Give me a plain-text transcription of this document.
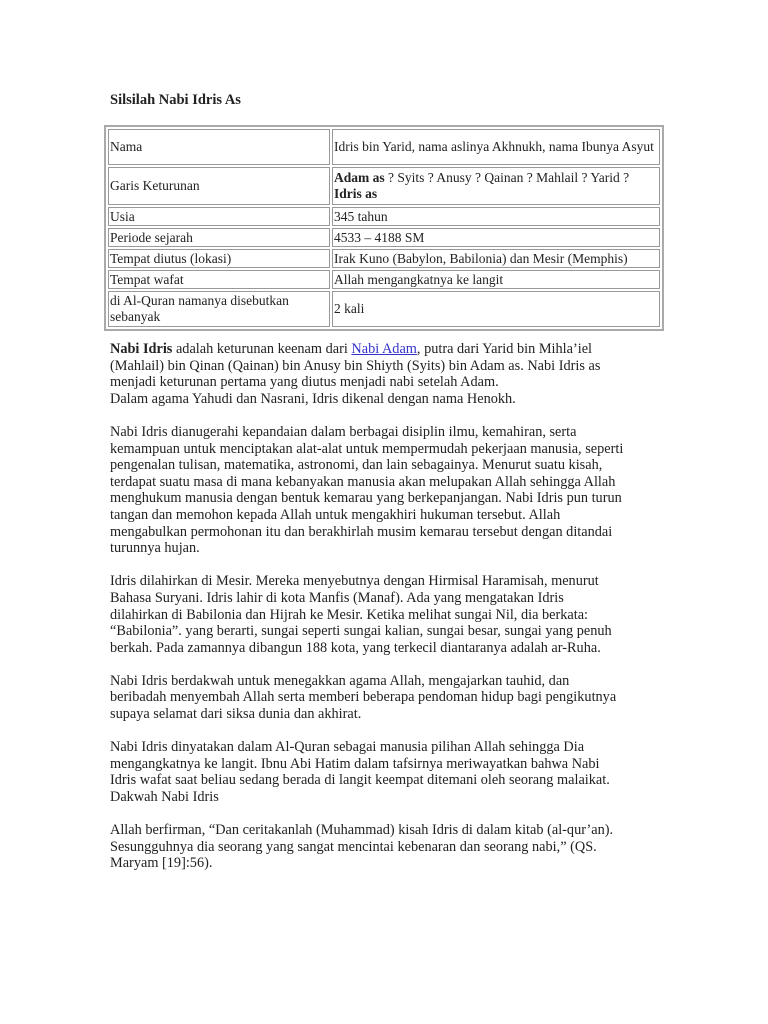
Silsilah Nabi Idris As
Nama	Idris bin Yarid, nama aslinya Akhnukh, nama Ibunya Asyut
Garis Keturunan	Adam as ? Syits ? Anusy ? Qainan ? Mahlail ? Yarid ?
Idris as
Usia	345 tahun
Periode sejarah	4533 – 4188 SM
Tempat diutus (lokasi)	Irak Kuno (Babylon, Babilonia) dan Mesir (Memphis)
Tempat wafat	Allah mengangkatnya ke langit
di Al-Quran namanya disebutkan sebanyak	2 kali

Nabi Idris adalah keturunan keenam dari Nabi Adam, putra dari Yarid bin Mihla’iel
(Mahlail) bin Qinan (Qainan) bin Anusy bin Shiyth (Syits) bin Adam as. Nabi Idris as
menjadi keturunan pertama yang diutus menjadi nabi setelah Adam.
Dalam agama Yahudi dan Nasrani, Idris dikenal dengan nama Henokh.

Nabi Idris dianugerahi kepandaian dalam berbagai disiplin ilmu, kemahiran, serta
kemampuan untuk menciptakan alat-alat untuk mempermudah pekerjaan manusia, seperti
pengenalan tulisan, matematika, astronomi, dan lain sebagainya. Menurut suatu kisah,
terdapat suatu masa di mana kebanyakan manusia akan melupakan Allah sehingga Allah
menghukum manusia dengan bentuk kemarau yang berkepanjangan. Nabi Idris pun turun
tangan dan memohon kepada Allah untuk mengakhiri hukuman tersebut. Allah
mengabulkan permohonan itu dan berakhirlah musim kemarau tersebut dengan ditandai
turunnya hujan.

Idris dilahirkan di Mesir. Mereka menyebutnya dengan Hirmisal Haramisah, menurut
Bahasa Suryani. Idris lahir di kota Manfis (Manaf). Ada yang mengatakan Idris
dilahirkan di Babilonia dan Hijrah ke Mesir. Ketika melihat sungai Nil, dia berkata:
“Babilonia”. yang berarti, sungai seperti sungai kalian, sungai besar, sungai yang penuh
berkah. Pada zamannya dibangun 188 kota, yang terkecil diantaranya adalah ar-Ruha.

Nabi Idris berdakwah untuk menegakkan agama Allah, mengajarkan tauhid, dan
beribadah menyembah Allah serta memberi beberapa pendoman hidup bagi pengikutnya
supaya selamat dari siksa dunia dan akhirat.

Nabi Idris dinyatakan dalam Al-Quran sebagai manusia pilihan Allah sehingga Dia
mengangkatnya ke langit. Ibnu Abi Hatim dalam tafsirnya meriwayatkan bahwa Nabi
Idris wafat saat beliau sedang berada di langit keempat ditemani oleh seorang malaikat.
Dakwah Nabi Idris

Allah berfirman, “Dan ceritakanlah (Muhammad) kisah Idris di dalam kitab (al-qur’an).
Sesungguhnya dia seorang yang sangat mencintai kebenaran dan seorang nabi,” (QS.
Maryam [19]:56).
